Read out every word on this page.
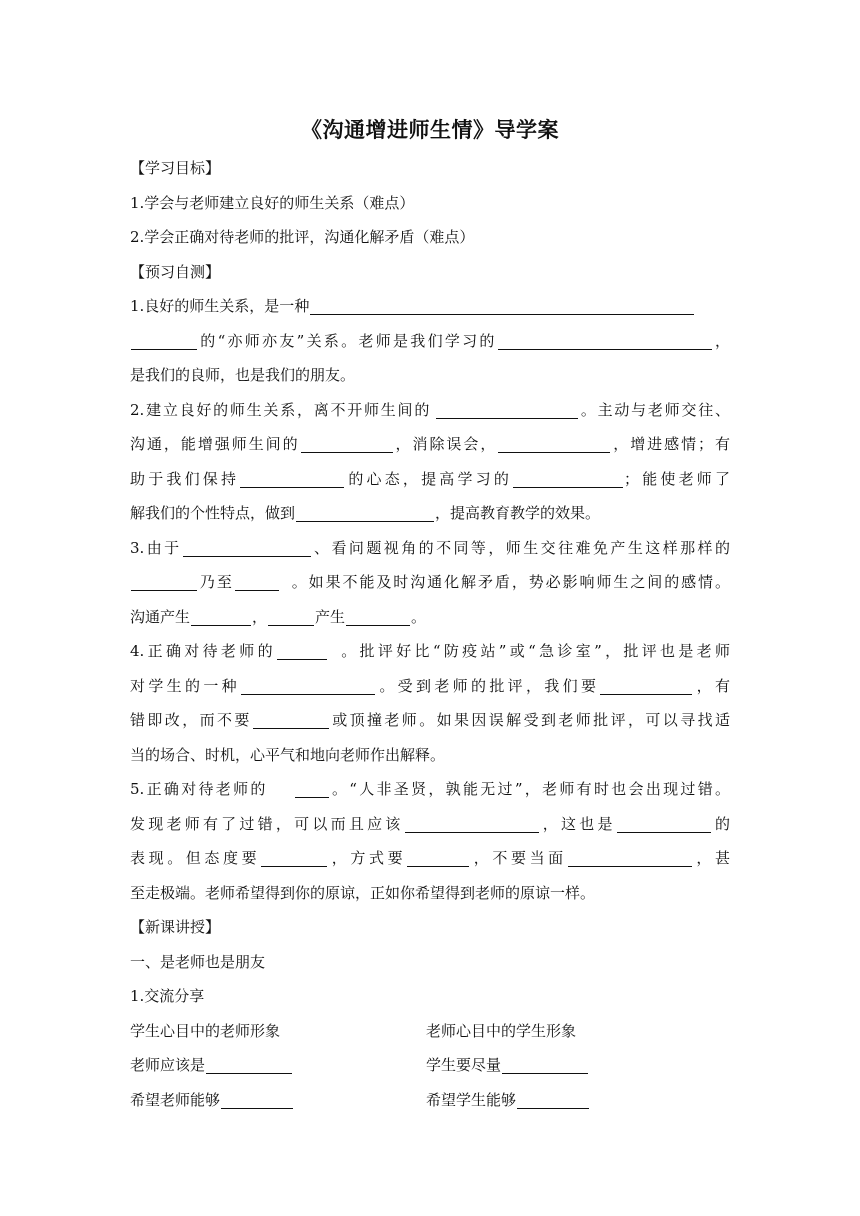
《沟通增进师生情》导学案
【学习目标】
1.学会与老师建立良好的师生关系（难点）
2.学会正确对待老师的批评，沟通化解矛盾（难点）
【预习自测】
1.良好的师生关系，是一种
的“亦师亦友”关系。老师是我们学习的	，
是我们的良师，也是我们的朋友。
2.建立良好的师生关系，离不开师生间的	。主动与老师交往、
沟通，能增强师生间的	，消除误会，	，增进感情；有
助于我们保持	的心态，提高学习的	；能使老师了
解我们的个性特点，做到	，提高教育教学的效果。
3.由于	、看问题视角的不同等，师生交往难免产生这样那样的
乃至	。如果不能及时沟通化解矛盾，势必影响师生之间的感情。
沟通产生	，	产生	。
4.正确对待老师的	。批评好比“防疫站”或“急诊室”，批评也是老师
对学生的一种	。受到老师的批评，我们要	，有
错即改，而不要	或顶撞老师。如果因误解受到老师批评，可以寻找适
当的场合、时机，心平气和地向老师作出解释。
5.正确对待老师的	。“人非圣贤，孰能无过”，老师有时也会出现过错。
发现老师有了过错，可以而且应该	，这也是	的
表现。但态度要	，方式要	，不要当面	，甚
至走极端。老师希望得到你的原谅，正如你希望得到老师的原谅一样。
【新课讲授】
一、是老师也是朋友
1.交流分享
学生心目中的老师形象	老师心目中的学生形象
老师应该是	学生要尽量
希望老师能够	希望学生能够
